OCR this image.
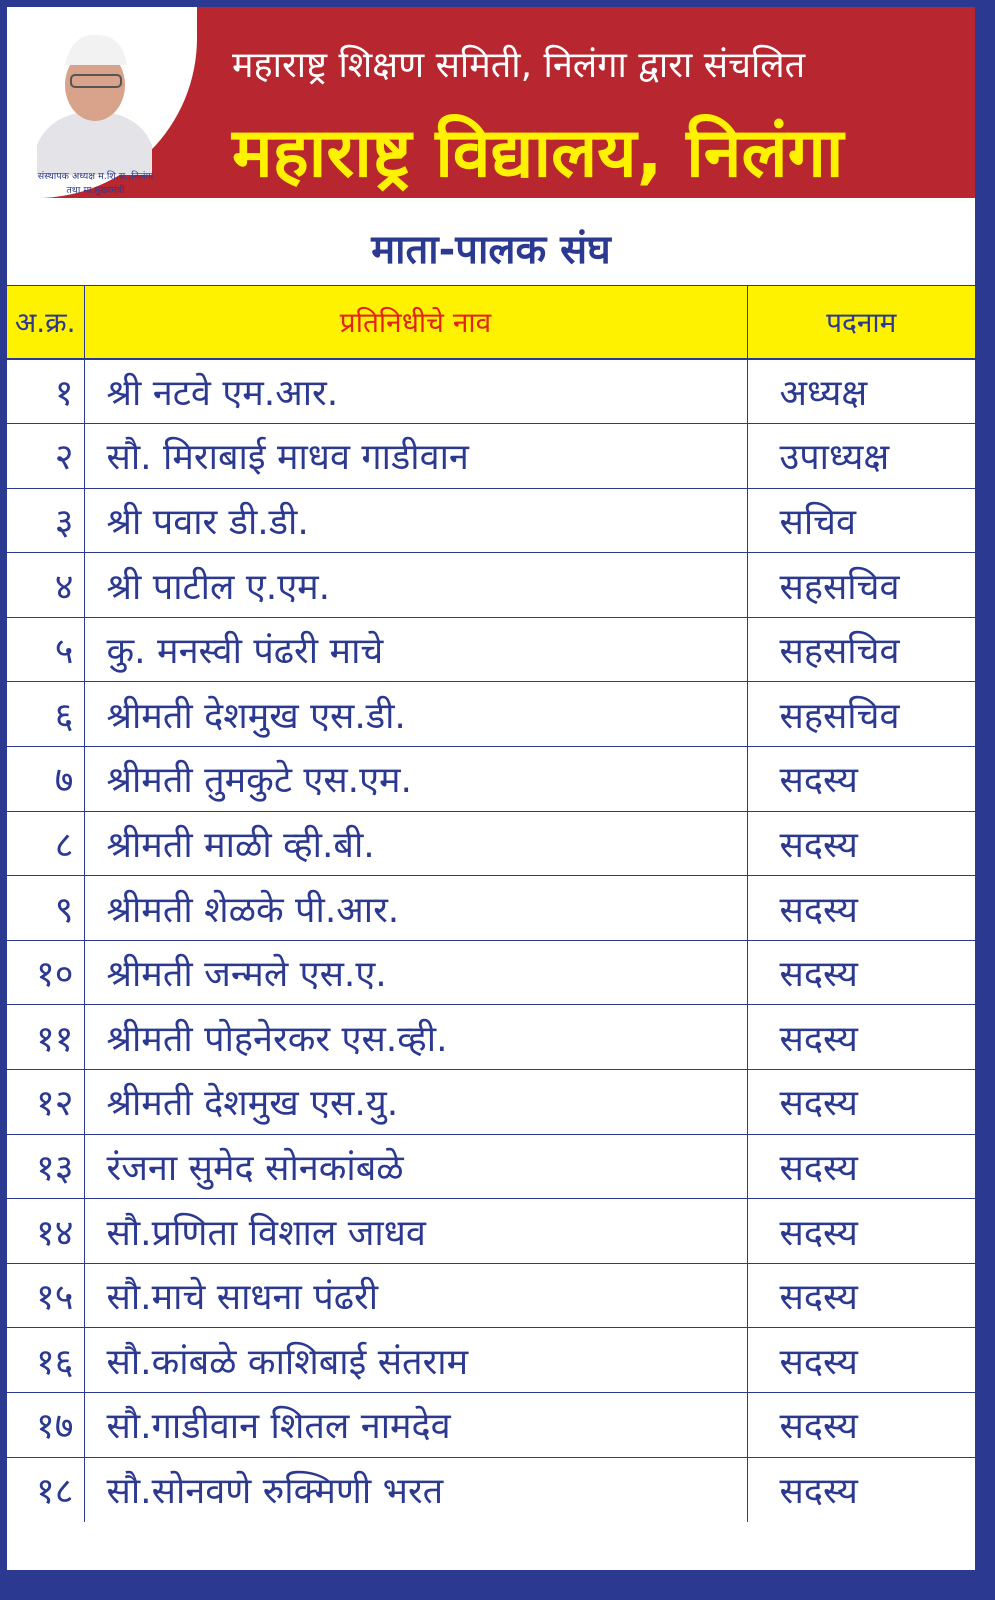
संस्थापक अध्यक्ष म.शि.स.,निलंगा
तथा मा.मुख्यमंत्री
महाराष्ट्र शिक्षण समिती, निलंगा द्वारा संचलित
महाराष्ट्र विद्यालय, निलंगा
माता-पालक संघ
अ.क्र.	प्रतिनिधीचे नाव	पदनाम
१	श्री नटवे एम.आर.	अध्यक्ष
२	सौ. मिराबाई माधव गाडीवान	उपाध्यक्ष
३	श्री पवार डी.डी.	सचिव
४	श्री पाटील ए.एम.	सहसचिव
५	कु. मनस्वी पंढरी माचे	सहसचिव
६	श्रीमती देशमुख एस.डी.	सहसचिव
७	श्रीमती तुमकुटे एस.एम.	सदस्य
८	श्रीमती माळी व्ही.बी.	सदस्य
९	श्रीमती शेळके पी.आर.	सदस्य
१०	श्रीमती जन्मले एस.ए.	सदस्य
११	श्रीमती पोहनेरकर एस.व्ही.	सदस्य
१२	श्रीमती देशमुख एस.यु.	सदस्य
१३	रंजना सुमेद सोनकांबळे	सदस्य
१४	सौ.प्रणिता विशाल जाधव	सदस्य
१५	सौ.माचे साधना पंढरी	सदस्य
१६	सौ.कांबळे काशिबाई संतराम	सदस्य
१७	सौ.गाडीवान शितल नामदेव	सदस्य
१८	सौ.सोनवणे रुक्मिणी भरत	सदस्य
